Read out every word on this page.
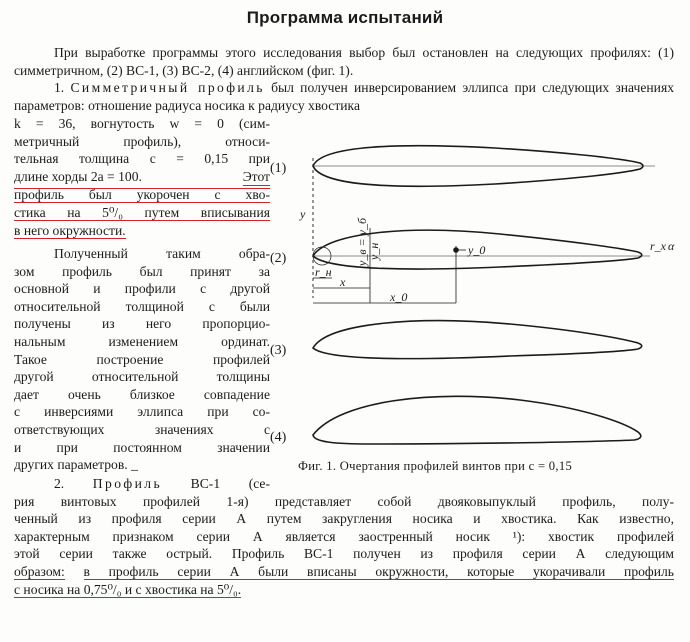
Программа испытаний

При выработке программы этого исследования выбор был остановлен на следующих профилях: (1) симметричном, (2) ВС-1, (3) ВС-2, (4) английском (фиг. 1).

1. Симметричный профиль был получен инверсированием эллипса при следующих значениях параметров: отношение радиуса носика к радиусу хвостика

k = 36, вогнутость w = 0 (сим-
метричный профиль), относи-
тельная толщина c = 0,15 при
длине хорды 2a = 100.	Этот
профиль был укорочен с хво-
стика на 5⁰/₀ путем вписывания
в него окружности.
Полученный таким обра-
зом профиль был принят за
основной и профили с другой
относительной толщиной c были
получены из него пропорцио-
нальным изменением ординат.
Такое построение профилей
другой относительной толщины
дает очень близкое совпадение
с инверсиями эллипса при со-
ответствующих значениях c
и при постоянном значении
других параметров. _
(1)
(2)
(3)
(4)
y
y_в = y_б
y_н	y_0
r_н
x
x_0
r_х α
Фиг. 1. Очертания профилей винтов при c = 0,15
2. Профиль ВС-1 (се-
рия винтовых профилей 1-я) представляет собой двояковыпуклый профиль, полу-
ченный из профиля серии А путем закругления носика и хвостика. Как известно,
характерным признаком серии А является заостренный носик ¹): хвостик профилей
этой серии также острый. Профиль ВС-1 получен из профиля серии А следующим
образом: в профиль серии А были вписаны окружности, которые укорачивали профиль
с носика на 0,75⁰/₀ и с хвостика на 5⁰/₀.
